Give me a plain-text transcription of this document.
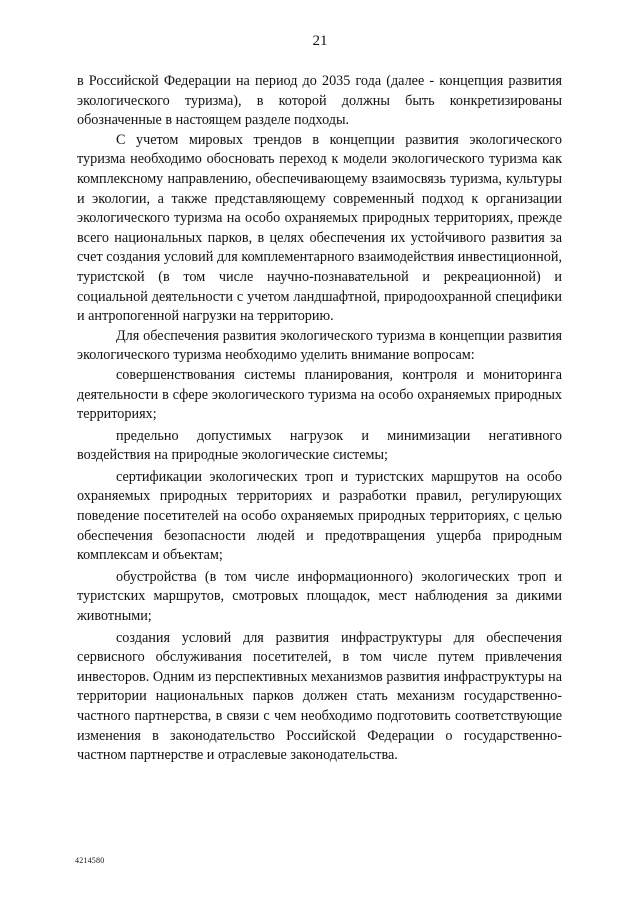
21

в Российской Федерации на период до 2035 года (далее - концепция развития экологического туризма), в которой должны быть конкретизированы обозначенные в настоящем разделе подходы.

С учетом мировых трендов в концепции развития экологического туризма необходимо обосновать переход к модели экологического туризма как комплексному направлению, обеспечивающему взаимосвязь туризма, культуры и экологии, а также представляющему современный подход к организации экологического туризма на особо охраняемых природных территориях, прежде всего национальных парков, в целях обеспечения их устойчивого развития за счет создания условий для комплементарного взаимодействия инвестиционной, туристской (в том числе научно-познавательной и рекреационной) и социальной деятельности с учетом ландшафтной, природоохранной специфики и антропогенной нагрузки на территорию.

Для обеспечения развития экологического туризма в концепции развития экологического туризма необходимо уделить внимание вопросам:

совершенствования системы планирования, контроля и мониторинга деятельности в сфере экологического туризма на особо охраняемых природных территориях;

предельно допустимых нагрузок и минимизации негативного воздействия на природные экологические системы;

сертификации экологических троп и туристских маршрутов на особо охраняемых природных территориях и разработки правил, регулирующих поведение посетителей на особо охраняемых природных территориях, с целью обеспечения безопасности людей и предотвращения ущерба природным комплексам и объектам;

обустройства (в том числе информационного) экологических троп и туристских маршрутов, смотровых площадок, мест наблюдения за дикими животными;

создания условий для развития инфраструктуры для обеспечения сервисного обслуживания посетителей, в том числе путем привлечения инвесторов. Одним из перспективных механизмов развития инфраструктуры на территории национальных парков должен стать механизм государственно-частного партнерства, в связи с чем необходимо подготовить соответствующие изменения в законодательство Российской Федерации о государственно-частном партнерстве и отраслевые законодательства.

4214580
